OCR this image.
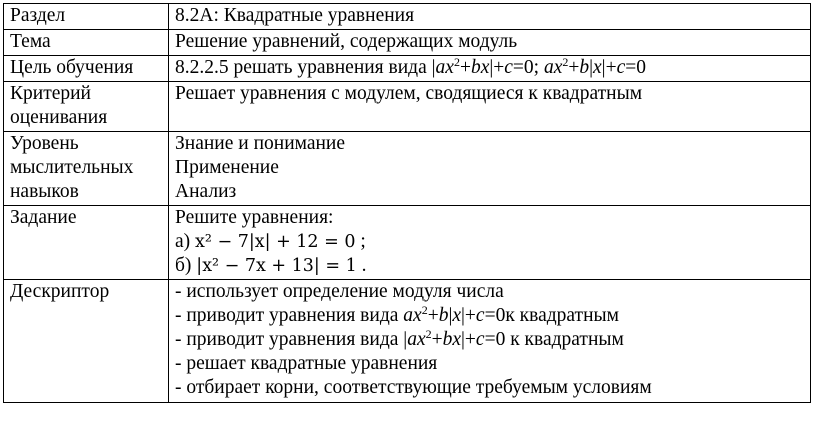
Раздел	8.2А: Квадратные уравнения
Тема	Решение уравнений, содержащих модуль
Цель обучения	8.2.2.5 решать уравнения вида $|ax^2+bx|+c=0$; $ax^2+b|x|+c=0$

Критерий
оценивания	Решает уравнения с модулем, сводящиеся к квадратным

Уровень
мыслительных
навыков	Знание и понимание
Применение
Анализ

Задание	Решите уравнения:
а) x² − 7|x| + 12 = 0 ;
б) |x² − 7x + 13| = 1 .

Дескриптор	- использует определение модуля числа
- приводит уравнения вида $ax^2+b|x|+c=0к$ квадратным
- приводит уравнения вида $|ax^2+bx|+c=0$ к квадратным
- решает квадратные уравнения
- отбирает корни, соответствующие требуемым условиям
